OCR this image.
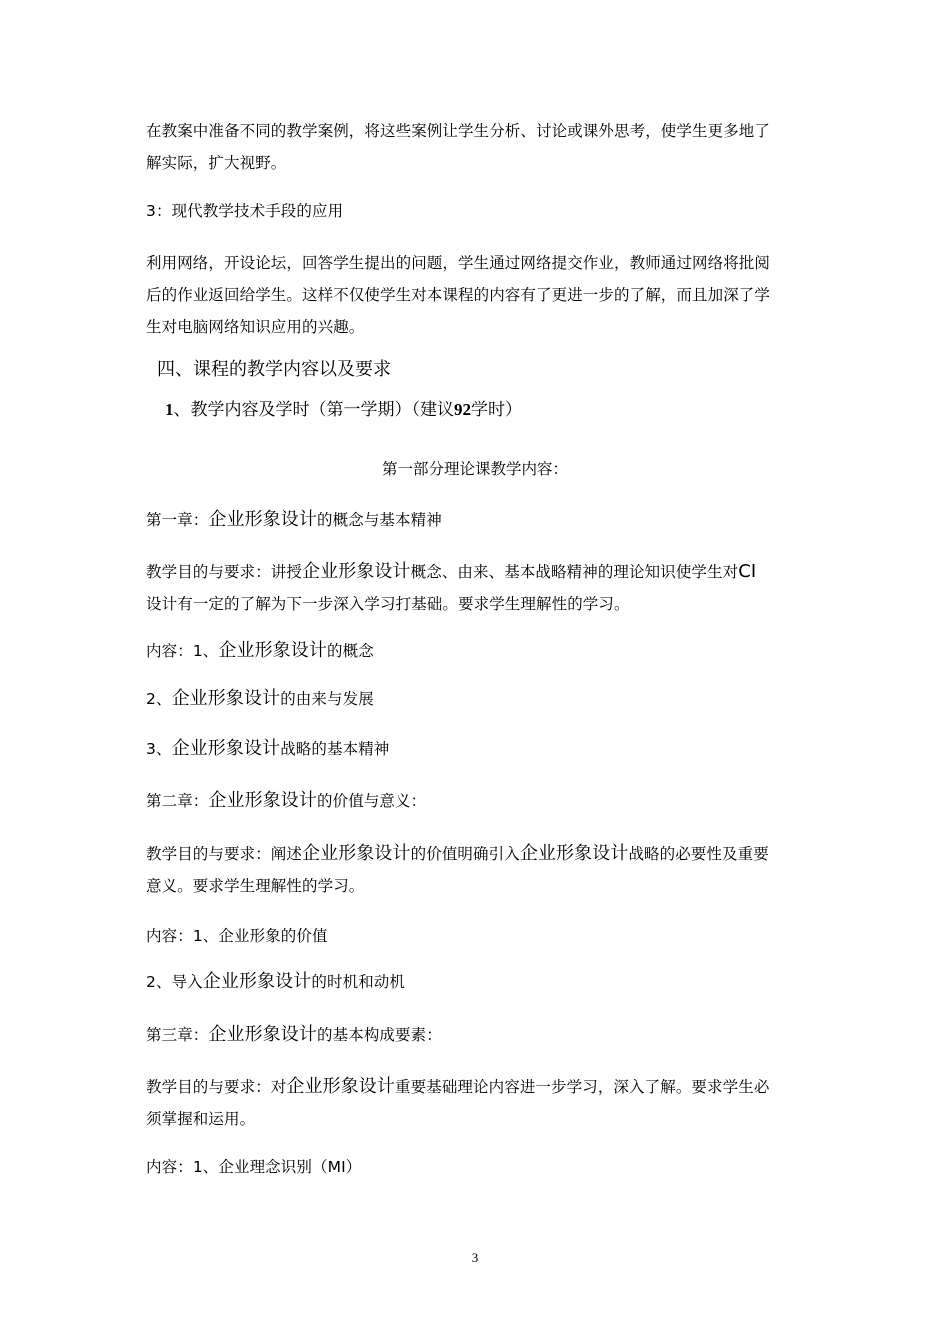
在教案中准备不同的教学案例，将这些案例让学生分析、讨论或课外思考，使学生更多地了
解实际，扩大视野。
3：现代教学技术手段的应用
利用网络，开设论坛，回答学生提出的问题，学生通过网络提交作业，教师通过网络将批阅
后的作业返回给学生。这样不仅使学生对本课程的内容有了更进一步的了解，而且加深了学
生对电脑网络知识应用的兴趣。
四、课程的教学内容以及要求
1、教学内容及学时（第一学期）（建议92学时）
第一部分理论课教学内容：
第一章：企业形象设计的概念与基本精神
教学目的与要求：讲授企业形象设计概念、由来、基本战略精神的理论知识使学生对CI
设计有一定的了解为下一步深入学习打基础。要求学生理解性的学习。
内容：1、企业形象设计的概念
2、企业形象设计的由来与发展
3、企业形象设计战略的基本精神
第二章：企业形象设计的价值与意义：
教学目的与要求：阐述企业形象设计的价值明确引入企业形象设计战略的必要性及重要
意义。要求学生理解性的学习。
内容：1、企业形象的价值
2、导入企业形象设计的时机和动机
第三章：企业形象设计的基本构成要素：
教学目的与要求：对企业形象设计重要基础理论内容进一步学习，深入了解。要求学生必
须掌握和运用。
内容：1、企业理念识别（MI）
3
